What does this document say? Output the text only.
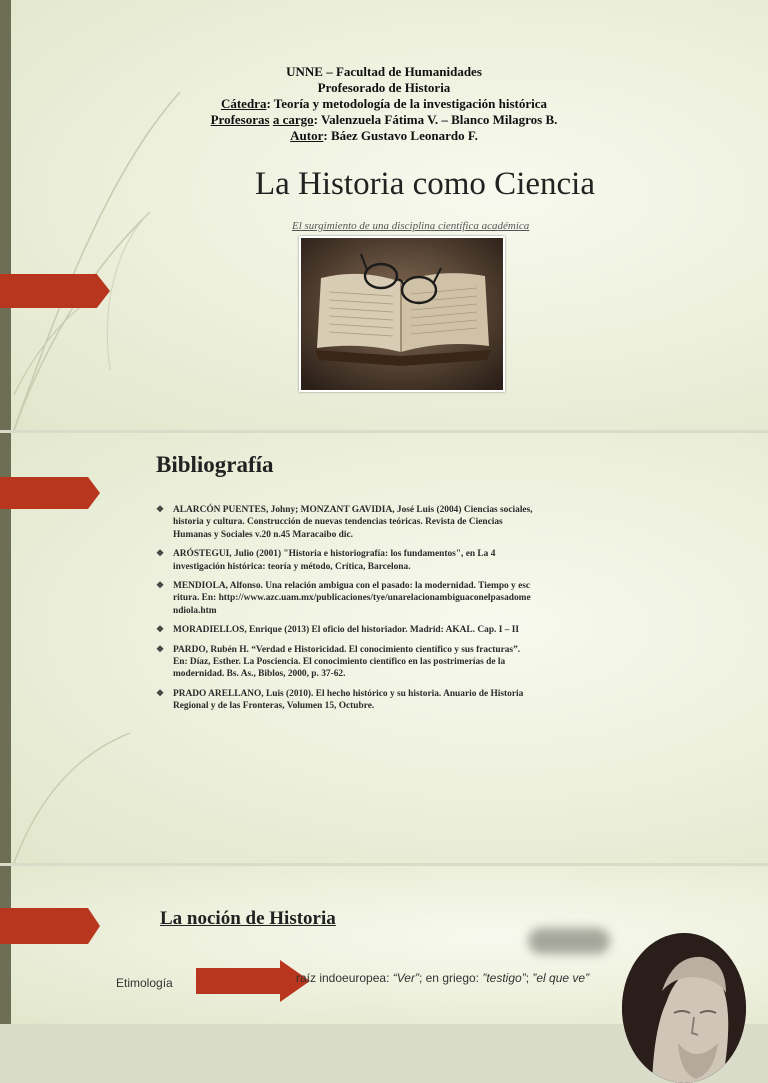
UNNE – Facultad de Humanidades
Profesorado de Historia
Cátedra: Teoría y metodología de la investigación histórica
Profesoras a cargo: Valenzuela Fátima V. – Blanco Milagros B.
Autor: Báez Gustavo Leonardo F.
La Historia como Ciencia
El surgimiento de una disciplina científica académica
Bibliografía
❖ ALARCÓN PUENTES, Johny; MONZANT GAVIDIA, José Luis (2004) Ciencias sociales, historia y cultura. Construcción de nuevas tendencias teóricas. Revista de Ciencias Humanas y Sociales v.20 n.45 Maracaibo dic.
❖ ARÓSTEGUI, Julio (2001) "Historia e historiografía: los fundamentos", en La 4 investigación histórica: teoría y método, Crítica, Barcelona.
❖ MENDIOLA, Alfonso. Una relación ambigua con el pasado: la modernidad. Tiempo y escritura. En: http://www.azc.uam.mx/publicaciones/tye/unarelacionambiguaconelpasadomendiola.htm
❖ MORADIELLOS, Enrique (2013) El oficio del historiador. Madrid: AKAL. Cap. I – II
❖ PARDO, Rubén H. “Verdad e Historicidad. El conocimiento científico y sus fracturas”. En: Díaz, Esther. La Posciencia. El conocimiento científico en las postrimerías de la modernidad. Bs. As., Biblos, 2000, p. 37-62.
❖ PRADO ARELLANO, Luis (2010). El hecho histórico y su historia. Anuario de Historia Regional y de las Fronteras, Volumen 15, Octubre.
La noción de Historia
Etimología	raíz indoeuropea: “Ver”; en griego: ”testigo”; ”el que ve”
